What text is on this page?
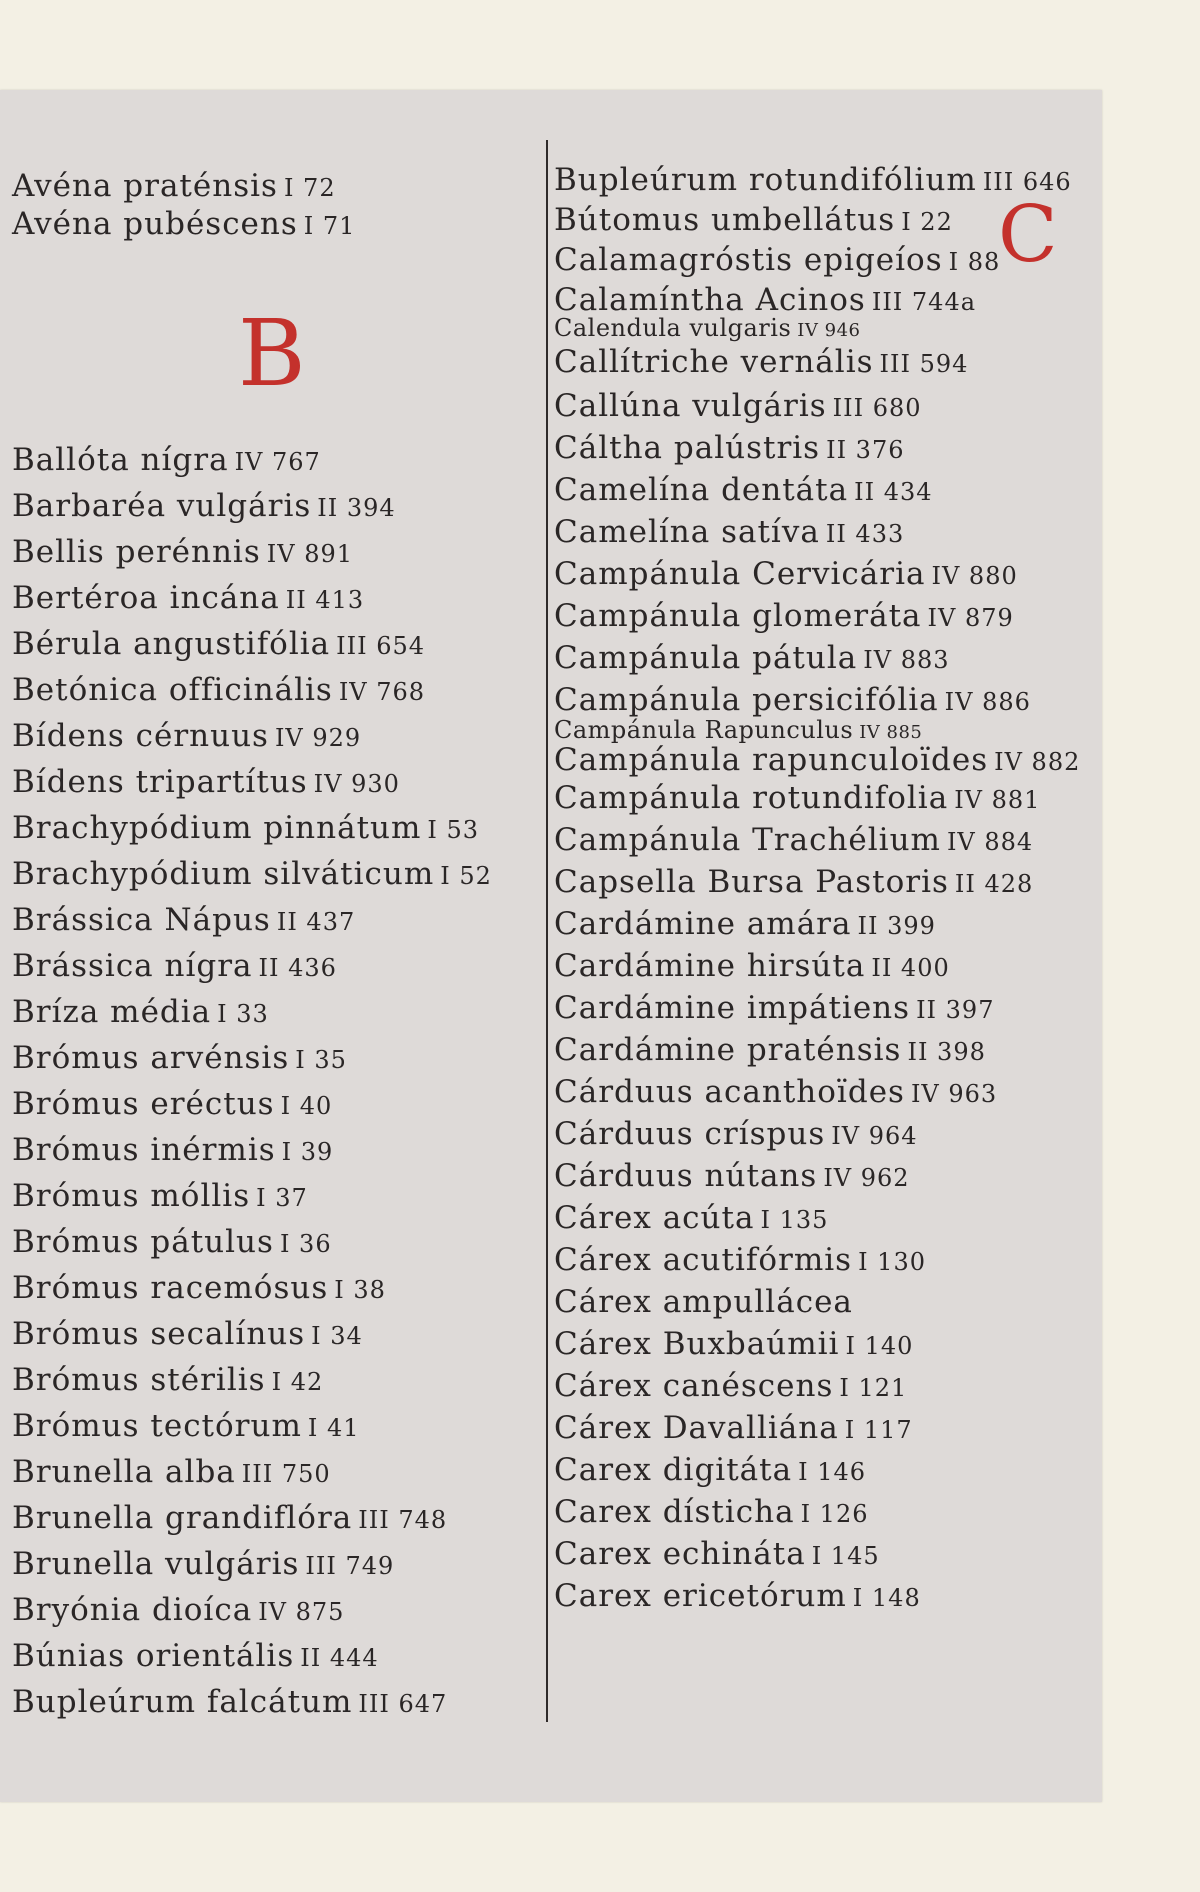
B
C
Avéna praténsis I 72
Avéna pubéscens I 71
Ballóta nígra IV 767
Barbaréa vulgáris II 394
Bellis perénnis IV 891
Bertéroa incána II 413
Bérula angustifólia III 654
Betónica officinális IV 768
Bídens cérnuus IV 929
Bídens tripartítus IV 930
Brachypódium pinnátum I 53
Brachypódium silváticum I 52
Brássica Nápus II 437
Brássica nígra II 436
Bríza média I 33
Brómus arvénsis I 35
Brómus eréctus I 40
Brómus inérmis I 39
Brómus móllis I 37
Brómus pátulus I 36
Brómus racemósus I 38
Brómus secalínus I 34
Brómus stérilis I 42
Brómus tectórum I 41
Brunella alba III 750
Brunella grandiflóra III 748
Brunella vulgáris III 749
Bryónia dioíca IV 875
Búnias orientális II 444
Bupleúrum falcátum III 647
Bupleúrum rotundifólium III 646
Bútomus umbellátus I 22
Calamagróstis epigeíos I 88
Calamíntha Acinos III 744a
Calendula vulgaris IV 946
Callítriche vernális III 594
Callúna vulgáris III 680
Cáltha palústris II 376
Camelína dentáta II 434
Camelína satíva II 433
Campánula Cervicária IV 880
Campánula glomeráta IV 879
Campánula pátula IV 883
Campánula persicifólia IV 886
Campánula Rapunculus IV 885
Campánula rapunculoïdes IV 882
Campánula rotundifolia IV 881
Campánula Trachélium IV 884
Capsella Bursa Pastoris II 428
Cardámine amára II 399
Cardámine hirsúta II 400
Cardámine impátiens II 397
Cardámine praténsis II 398
Cárduus acanthoïdes IV 963
Cárduus críspus IV 964
Cárduus nútans IV 962
Cárex acúta I 135
Cárex acutifórmis I 130
Cárex ampullácea
Cárex Buxbaúmii I 140
Cárex canéscens I 121
Cárex Davalliána I 117
Carex digitáta I 146
Carex dísticha I 126
Carex echináta I 145
Carex ericetórum I 148
